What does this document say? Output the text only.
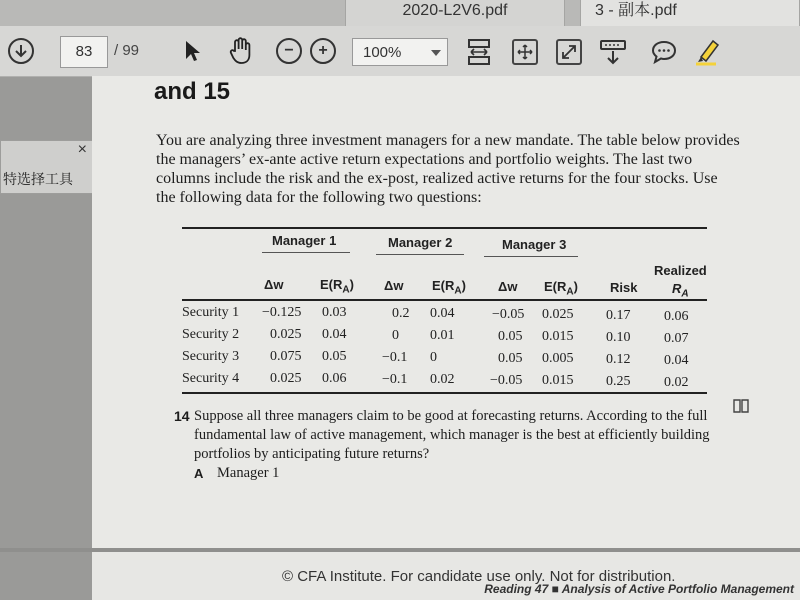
2020-L2V6.pdf	3 - 副本.pdf
83	/ 99	− +	100%
×
特选择工具
and 15
You are analyzing three investment managers for a new mandate. The table below provides the managers’ ex-ante active return expectations and portfolio weights. The last two columns include the risk and the ex-post, realized active returns for the four stocks. Use the following data for the following two questions:
Manager 1	Manager 2	Manager 3
Δw	$E(R_A)$ Δw $E(R_A)$ Δw $E(R_A)$ Risk
Realized
$R_A$
Security 1 −0.125 0.03	0.2 0.04	−0.05 0.025 0.17 0.06
Security 2 0.025 0.04	0 0.01	0.05 0.015 0.10 0.07
Security 3 0.075 0.05	−0.1 0	0.05 0.005 0.12 0.04
Security 4 0.025 0.06	−0.1 0.02	−0.05 0.015 0.25 0.02
14 Suppose all three managers claim to be good at forecasting returns. According to the full fundamental law of active management, which manager is the best at efficiently building portfolios by anticipating future returns?
A Manager 1
© CFA Institute. For candidate use only. Not for distribution.
Reading 47 ■ Analysis of Active Portfolio Management
